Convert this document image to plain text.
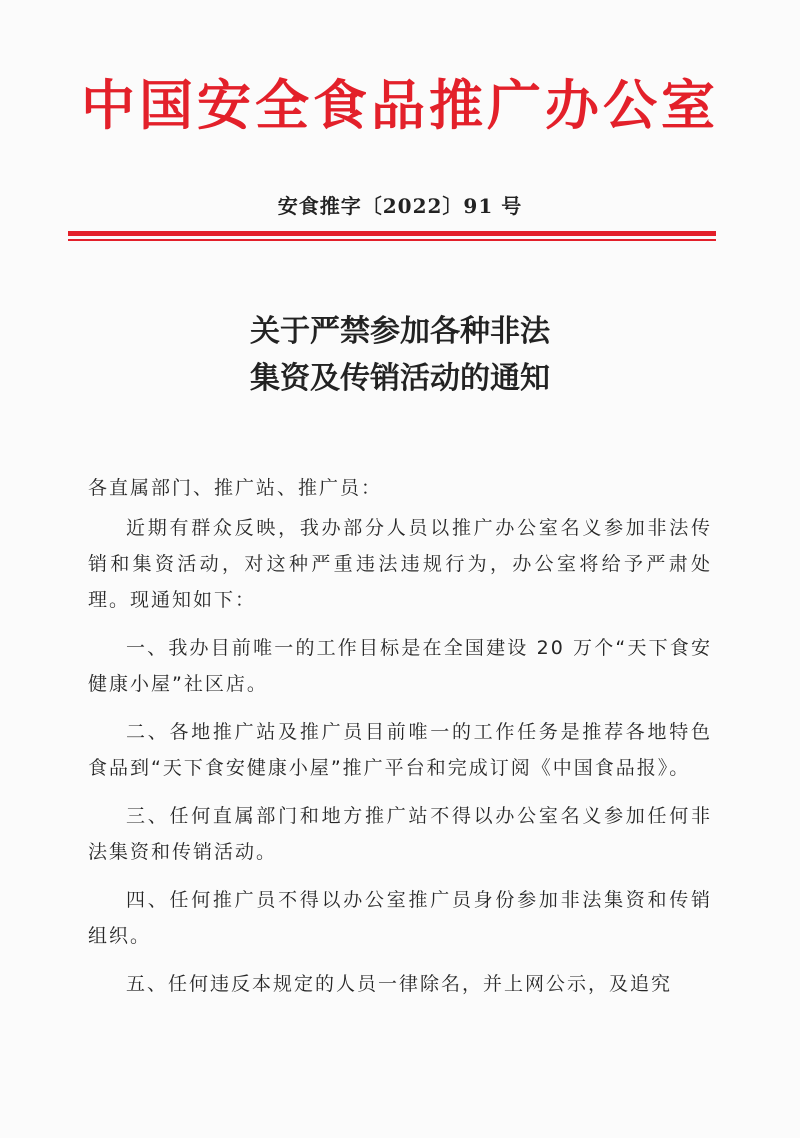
中国安全食品推广办公室
安食推字〔2022〕91 号
关于严禁参加各种非法
集资及传销活动的通知

各直属部门、推广站、推广员：

近期有群众反映，我办部分人员以推广办公室名义参加非法传销和集资活动，对这种严重违法违规行为，办公室将给予严肃处理。现通知如下：

一、我办目前唯一的工作目标是在全国建设 20 万个“天下食安健康小屋”社区店。

二、各地推广站及推广员目前唯一的工作任务是推荐各地特色食品到“天下食安健康小屋”推广平台和完成订阅《中国食品报》。

三、任何直属部门和地方推广站不得以办公室名义参加任何非法集资和传销活动。

四、任何推广员不得以办公室推广员身份参加非法集资和传销组织。

五、任何违反本规定的人员一律除名，并上网公示，及追究
